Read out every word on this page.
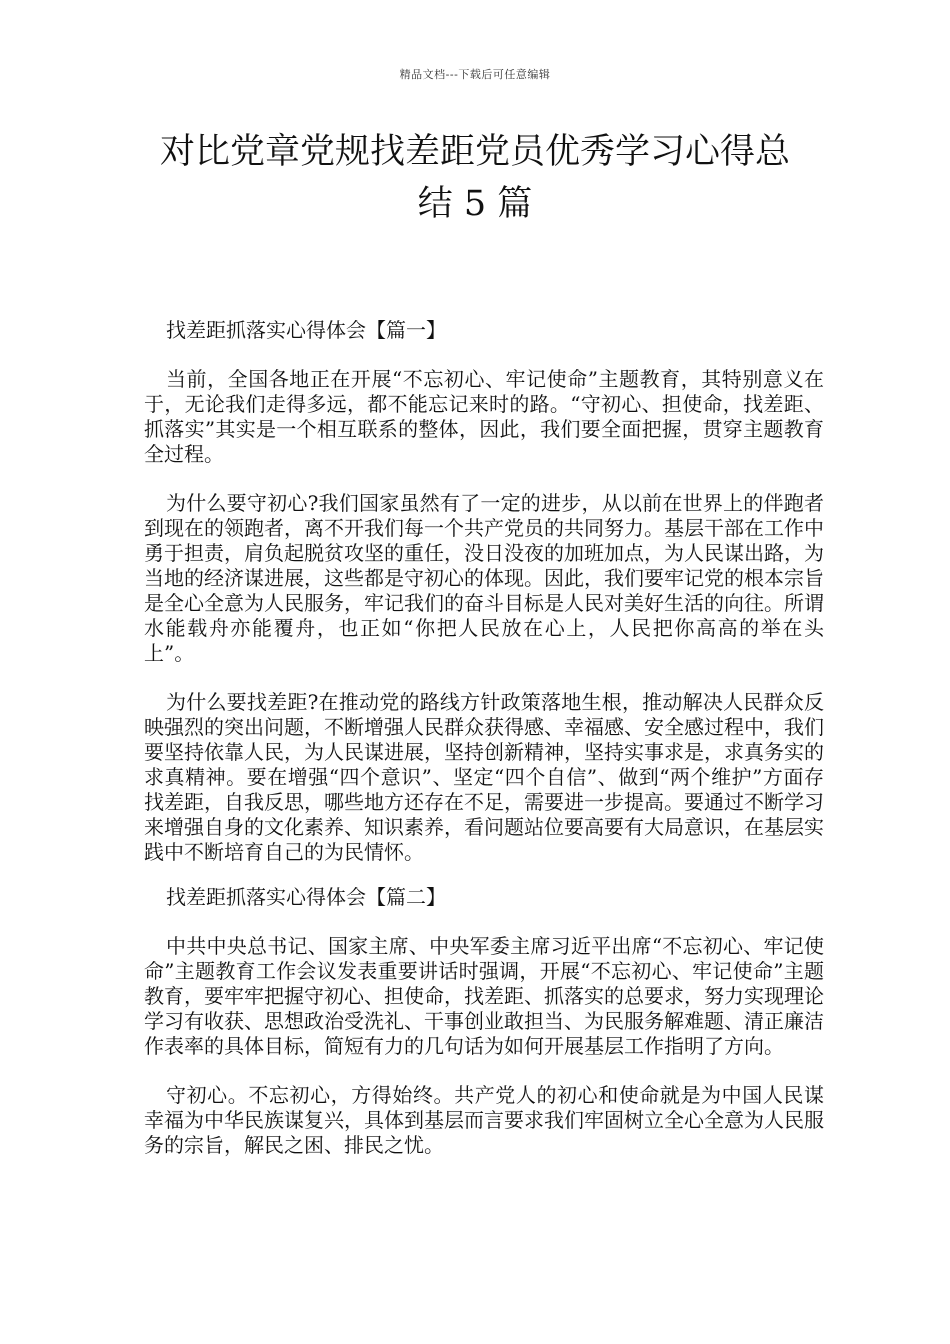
精品文档---下载后可任意编辑
对比党章党规找差距党员优秀学习心得总
结 5 篇
找差距抓落实心得体会【篇一】

当前，全国各地正在开展“不忘初心、牢记使命”主题教育，其特别意义在于，无论我们走得多远，都不能忘记来时的路。“守初心、担使命，找差距、抓落实”其实是一个相互联系的整体，因此，我们要全面把握，贯穿主题教育全过程。

为什么要守初心?我们国家虽然有了一定的进步，从以前在世界上的伴跑者到现在的领跑者，离不开我们每一个共产党员的共同努力。基层干部在工作中勇于担责，肩负起脱贫攻坚的重任，没日没夜的加班加点，为人民谋出路，为当地的经济谋进展，这些都是守初心的体现。因此，我们要牢记党的根本宗旨是全心全意为人民服务，牢记我们的奋斗目标是人民对美好生活的向往。所谓水能载舟亦能覆舟，也正如“你把人民放在心上，人民把你高高的举在头上”。

为什么要找差距?在推动党的路线方针政策落地生根，推动解决人民群众反映强烈的突出问题，不断增强人民群众获得感、幸福感、安全感过程中，我们要坚持依靠人民，为人民谋进展，坚持创新精神，坚持实事求是，求真务实的求真精神。要在增强“四个意识”、坚定“四个自信”、做到“两个维护”方面存找差距，自我反思，哪些地方还存在不足，需要进一步提高。要通过不断学习来增强自身的文化素养、知识素养，看问题站位要高要有大局意识，在基层实践中不断培育自己的为民情怀。

找差距抓落实心得体会【篇二】

中共中央总书记、国家主席、中央军委主席习近平出席“不忘初心、牢记使命”主题教育工作会议发表重要讲话时强调，开展“不忘初心、牢记使命”主题教育，要牢牢把握守初心、担使命，找差距、抓落实的总要求，努力实现理论学习有收获、思想政治受洗礼、干事创业敢担当、为民服务解难题、清正廉洁作表率的具体目标，简短有力的几句话为如何开展基层工作指明了方向。

守初心。不忘初心，方得始终。共产党人的初心和使命就是为中国人民谋幸福为中华民族谋复兴，具体到基层而言要求我们牢固树立全心全意为人民服务的宗旨，解民之困、排民之忧。
